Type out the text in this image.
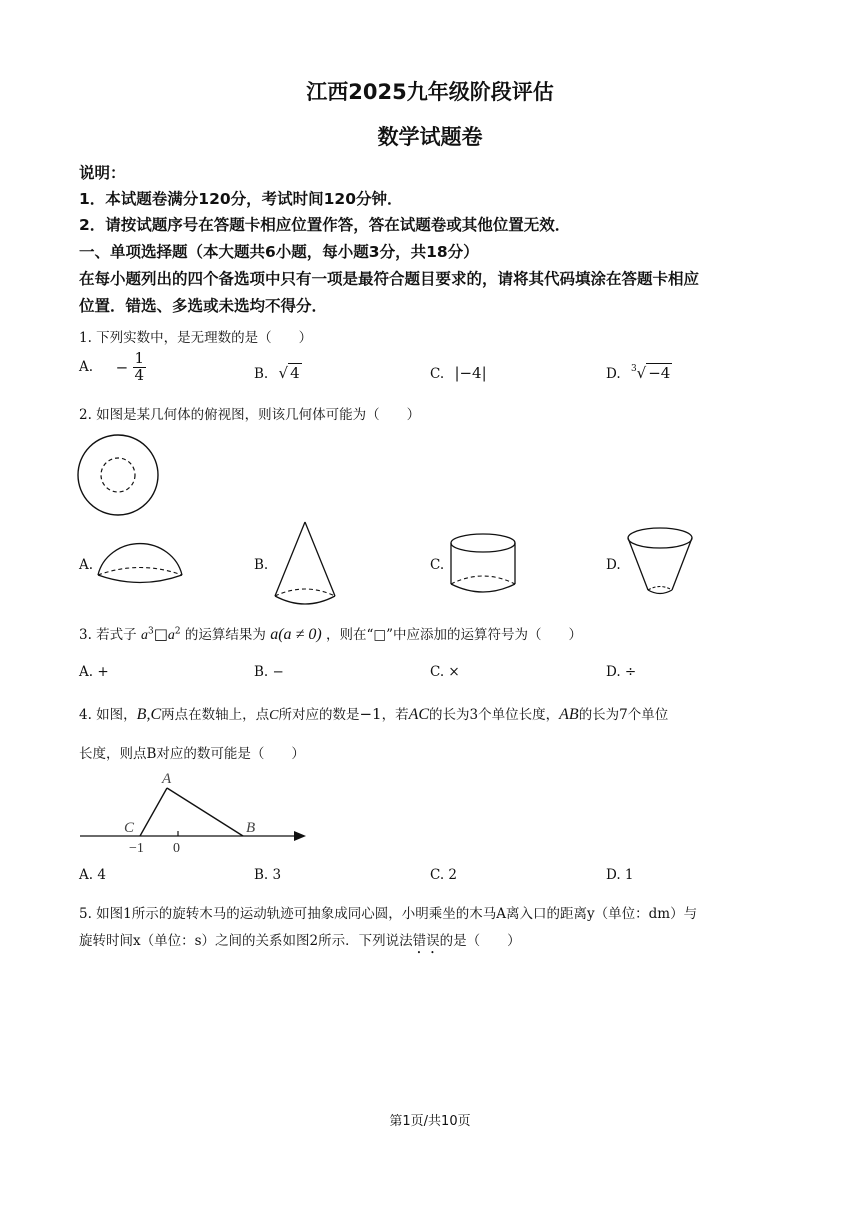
江西2025九年级阶段评估
数学试题卷
说明：
1．本试题卷满分120分，考试时间120分钟．
2．请按试题序号在答题卡相应位置作答，答在试题卷或其他位置无效．
一、单项选择题（本大题共6小题，每小题3分，共18分）
在每小题列出的四个备选项中只有一项是最符合题目要求的，请将其代码填涂在答题卡相应
位置．错选、多选或未选均不得分．
1. 下列实数中，是无理数的是（　　）
A. − $\frac{1}{4}$	B. √ 4	C. |−4|	D. $^3$√ −4
2. 如图是某几何体的俯视图，则该几何体可能为（　　）
A.	B.	C.	D.
3. 若式子 $a^3□a^2$ 的运算结果为 a(a ≠ 0) ，则在“□”中应添加的运算符号为（　　）
A. +	B. −	C. ×	D. ÷
4. 如图，B,C两点在数轴上，点C所对应的数是−1，若AC的长为3个单位长度，AB的长为7个单位
长度，则点B对应的数可能是（　　）
A
C	B
−1 0
A. 4	B. 3	C. 2	D. 1
5. 如图1所示的旋转木马的运动轨迹可抽象成同心圆，小明乘坐的木马A离入口的距离y（单位：dm）与
旋转时间x（单位：s）之间的关系如图2所示．下列说法错误的是（　　）
第1页/共10页
